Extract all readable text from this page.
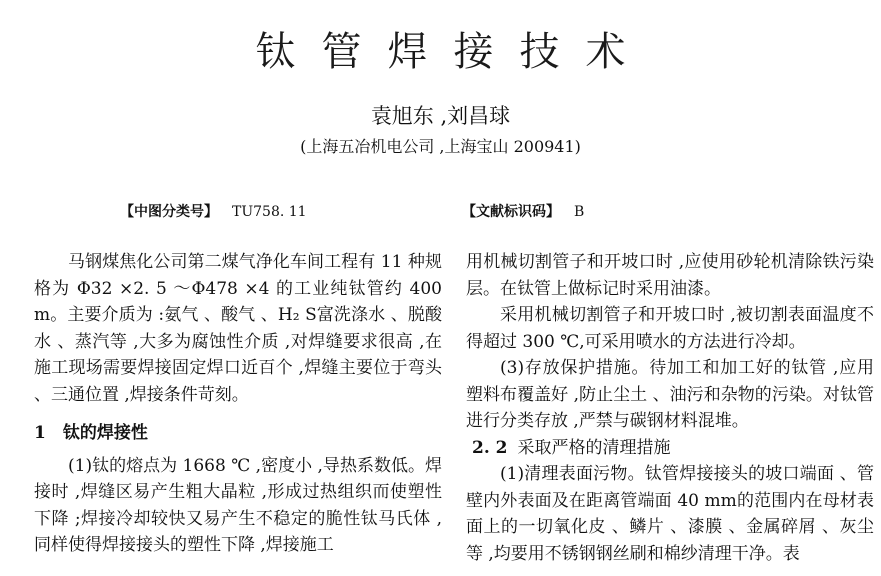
钛管焊接技术
袁旭东 ,刘昌球
(上海五冶机电公司 ,上海宝山 200941)
【中图分类号】 TU758. 11	【文献标识码】 B

马钢煤焦化公司第二煤气净化车间工程有 11 种规格为 Φ32 ×2. 5 ～Φ478 ×4 的工业纯钛管约 400 m。主要介质为 :氨气 、酸气 、H₂ S富洗涤水 、脱酸水 、蒸汽等 ,大多为腐蚀性介质 ,对焊缝要求很高 ,在施工现场需要焊接固定焊口近百个 ,焊缝主要位于弯头 、三通位置 ,焊接条件苛刻。

1　钛的焊接性

(1)钛的熔点为 1668 ℃ ,密度小 ,导热系数低。焊接时 ,焊缝区易产生粗大晶粒 ,形成过热组织而使塑性下降 ;焊接冷却较快又易产生不稳定的脆性钛马氏体 ,同样使得焊接接头的塑性下降 ,焊接施工

用机械切割管子和开坡口时 ,应使用砂轮机清除铁污染层。在钛管上做标记时采用油漆。

采用机械切割管子和开坡口时 ,被切割表面温度不得超过 300 ℃,可采用喷水的方法进行冷却。

(3)存放保护措施。待加工和加工好的钛管 ,应用塑料布覆盖好 ,防止尘土 、油污和杂物的污染。对钛管进行分类存放 ,严禁与碳钢材料混堆。

2. 2 采取严格的清理措施

(1)清理表面污物。钛管焊接接头的坡口端面 、管壁内外表面及在距离管端面 40 mm的范围内在母材表面上的一切氧化皮 、鳞片 、漆膜 、金属碎屑 、灰尘等 ,均要用不锈钢钢丝刷和棉纱清理干净。表
